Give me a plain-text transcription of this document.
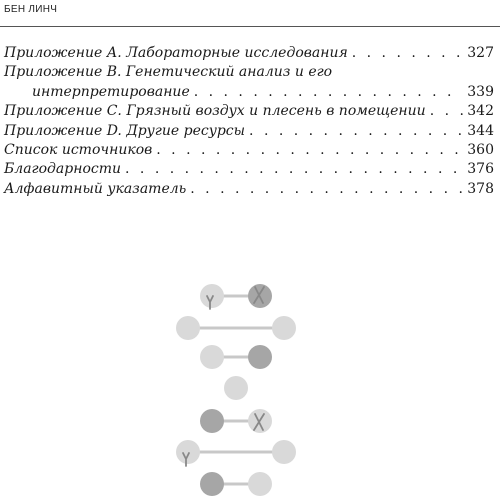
БЕН ЛИНЧ
Приложение А. Лабораторные исследования . . .	327
Приложение В. Генетический анализ и его
интерпретирование . . .	339
Приложение С. Грязный воздух и плесень в помещении . . .	342
Приложение D. Другие ресурсы . . .	344
Список источников . . .	360
Благодарности . . .	376
Алфавитный указатель . . .	378
